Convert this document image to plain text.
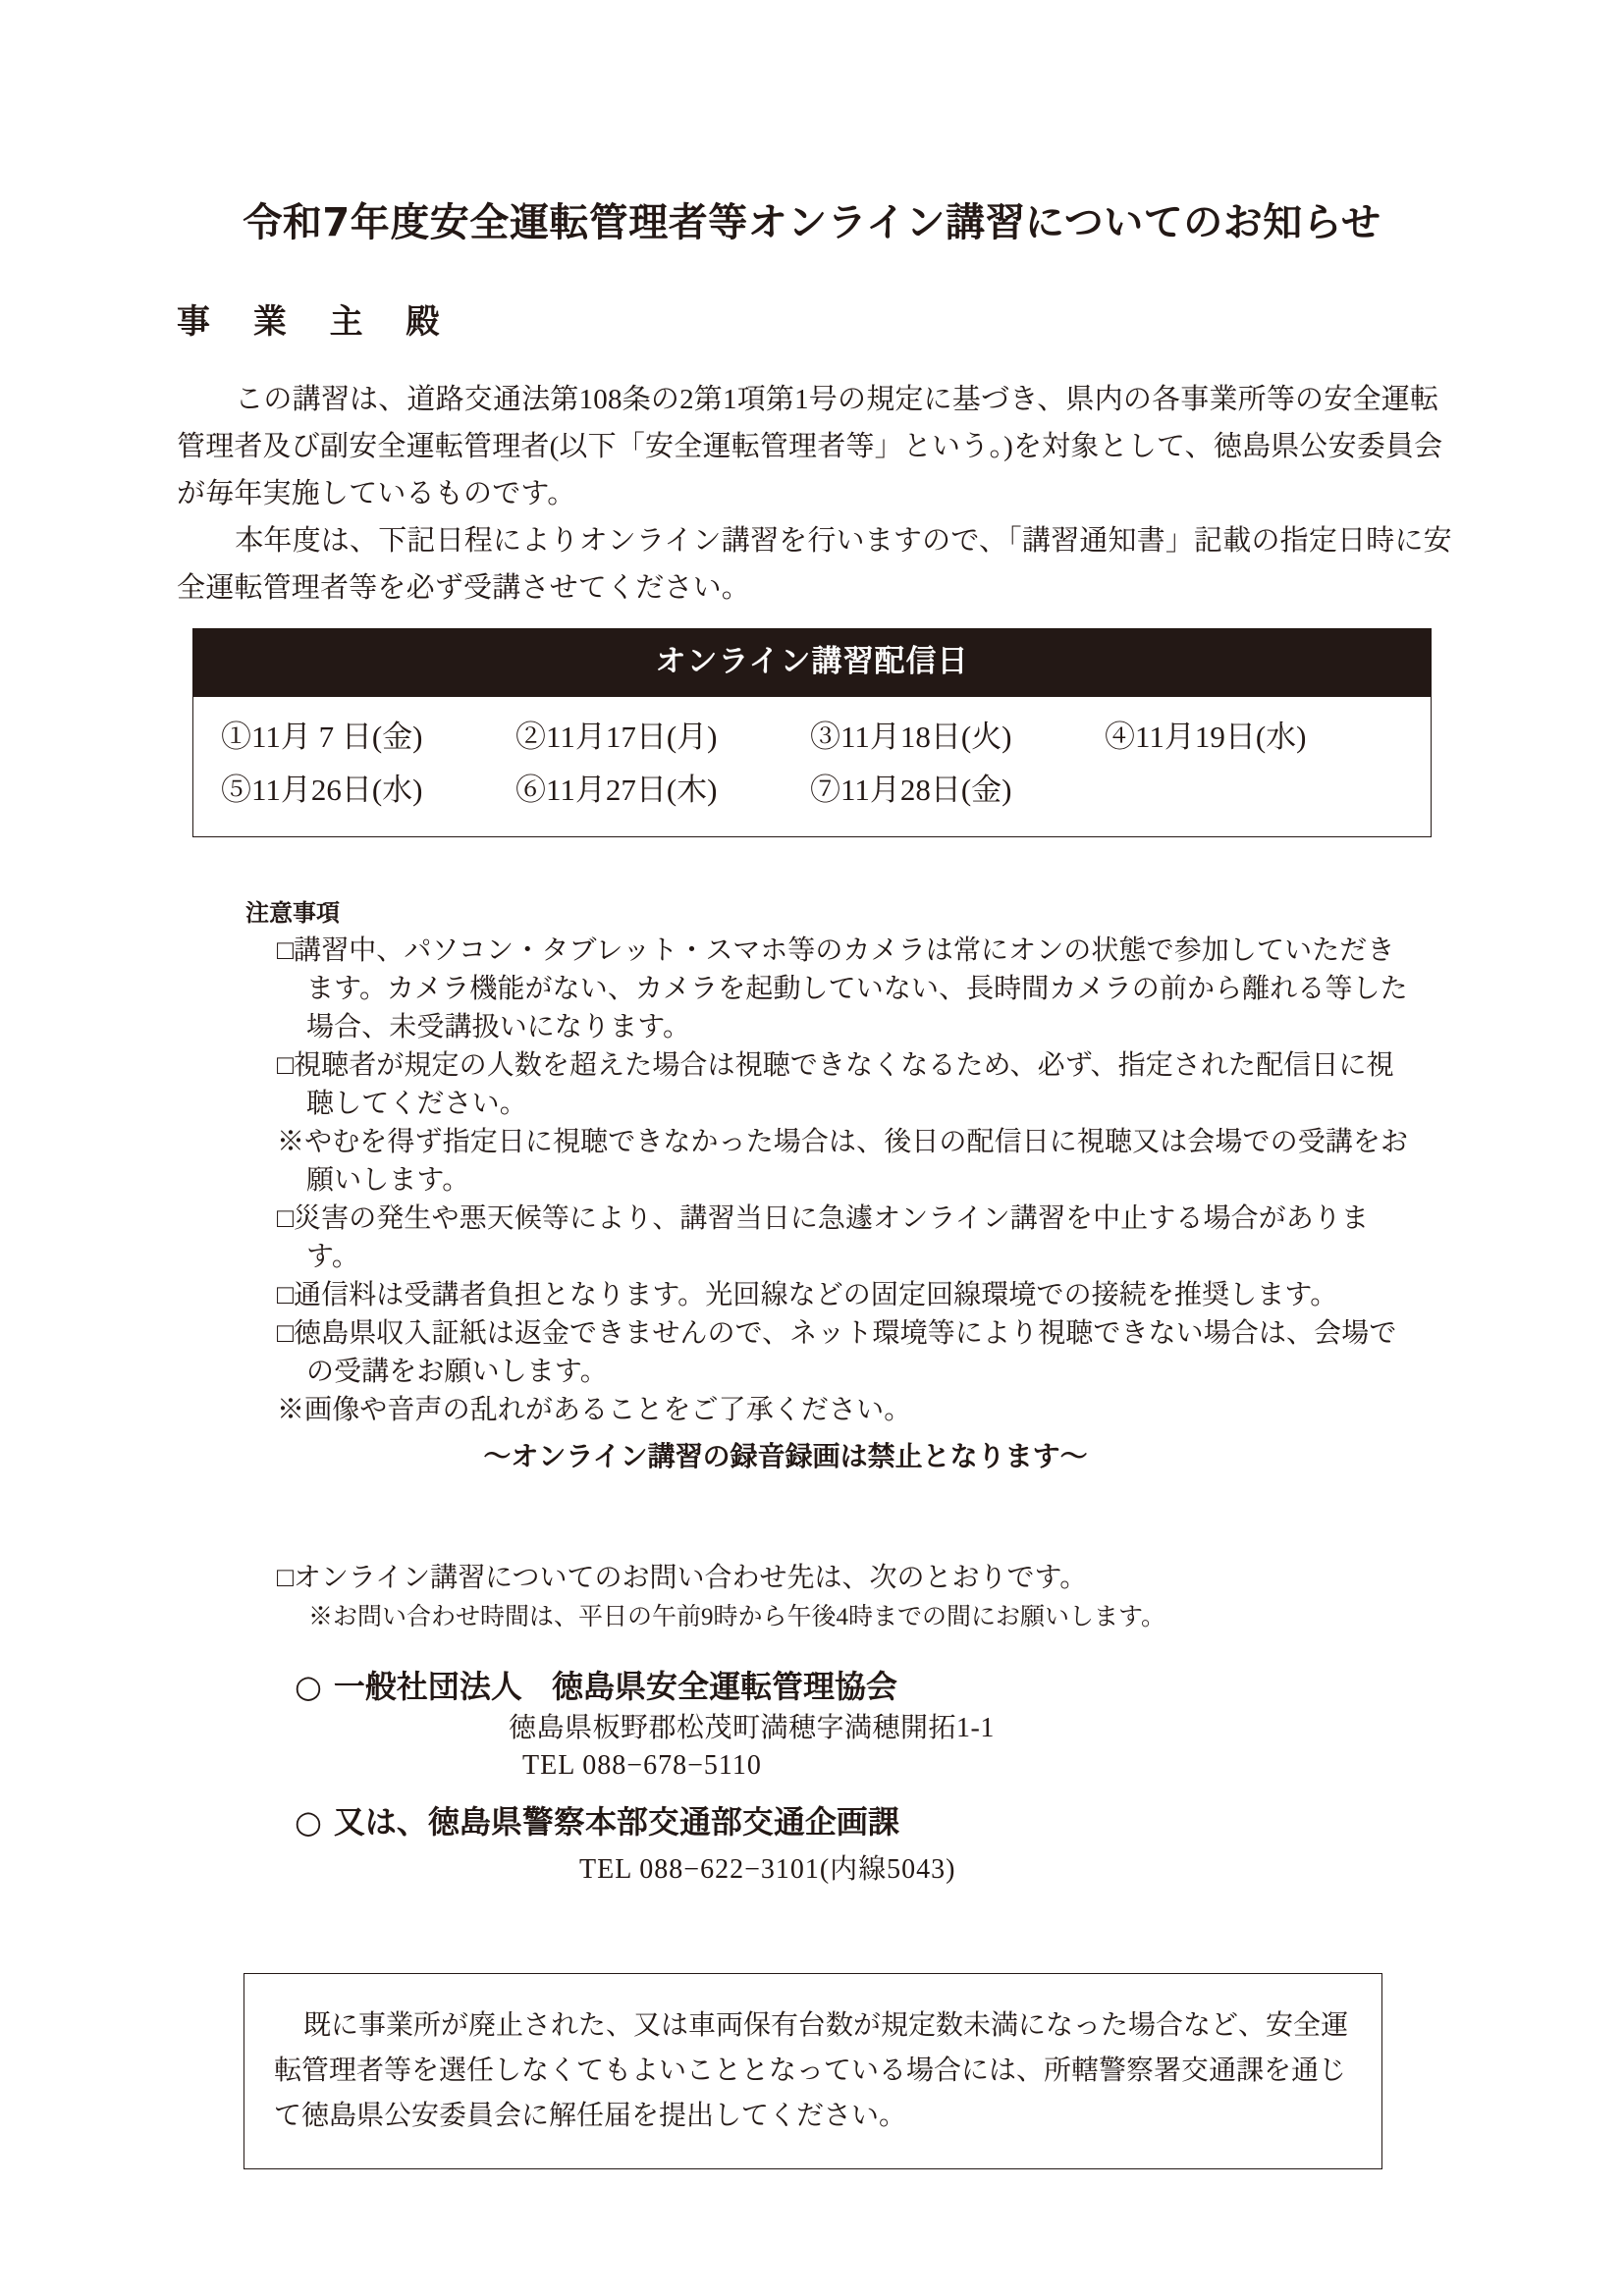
令和7年度安全運転管理者等オンライン講習についてのお知らせ
事 業 主 殿

　この講習は、道路交通法第108条の2第1項第1号の規定に基づき、県内の各事業所等の安全運転管理者及び副安全運転管理者(以下「安全運転管理者等」という。)を対象として、徳島県公安委員会が毎年実施しているものです。

　本年度は、下記日程によりオンライン講習を行いますので、「講習通知書」記載の指定日時に安全運転管理者等を必ず受講させてください。

オンライン講習配信日
①11月 7 日(金)	②11月17日(月)	③11月18日(火)	④11月19日(水)
⑤11月26日(水)	⑥11月27日(木)	⑦11月28日(金)
注意事項
□講習中、パソコン・タブレット・スマホ等のカメラは常にオンの状態で参加していただきます。カメラ機能がない、カメラを起動していない、長時間カメラの前から離れる等した場合、未受講扱いになります。
□視聴者が規定の人数を超えた場合は視聴できなくなるため、必ず、指定された配信日に視聴してください。
※やむを得ず指定日に視聴できなかった場合は、後日の配信日に視聴又は会場での受講をお願いします。
□災害の発生や悪天候等により、講習当日に急遽オンライン講習を中止する場合があります。
□通信料は受講者負担となります。光回線などの固定回線環境での接続を推奨します。
□徳島県収入証紙は返金できませんので、ネット環境等により視聴できない場合は、会場での受講をお願いします。
※画像や音声の乱れがあることをご了承ください。
〜オンライン講習の録音録画は禁止となります〜
□オンライン講習についてのお問い合わせ先は、次のとおりです。
※お問い合わせ時間は、平日の午前9時から午後4時までの間にお願いします。
○ 一般社団法人 徳島県安全運転管理協会
徳島県板野郡松茂町満穂字満穂開拓1-1
TEL 088−678−5110
○ 又は、徳島県警察本部交通部交通企画課
TEL 088−622−3101(内線5043)

既に事業所が廃止された、又は車両保有台数が規定数未満になった場合など、安全運転管理者等を選任しなくてもよいこととなっている場合には、所轄警察署交通課を通じて徳島県公安委員会に解任届を提出してください。
